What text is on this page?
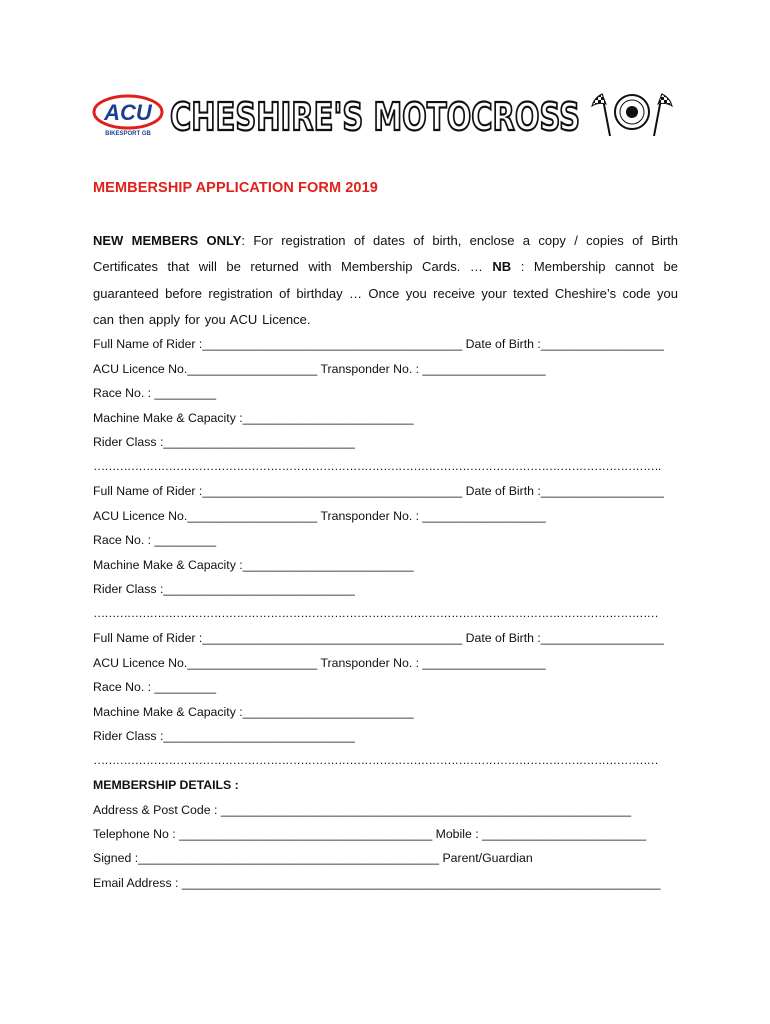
ACU
BIKESPORT GB CHESHIRE'S MOTOCROSS
MEMBERSHIP APPLICATION FORM 2019
NEW MEMBERS ONLY: For registration of dates of birth, enclose a copy / copies of Birth Certificates that will be returned with Membership Cards. … NB : Membership cannot be guaranteed before registration of birthday … Once you receive your texted Cheshire’s code you can then apply for you ACU Licence.
Full Name of Rider :______________________________________ Date of Birth :__________________
ACU Licence No.___________________ Transponder No. : __________________
Race No. : _________
Machine Make & Capacity :_________________________
Rider Class :____________________________
…………………………………………………………………………………………………………………………………….
Full Name of Rider :______________________________________ Date of Birth :__________________
ACU Licence No.___________________ Transponder No. : __________________
Race No. : _________
Machine Make & Capacity :_________________________
Rider Class :____________________________
……………………………………………………………………………………………………………………………………
Full Name of Rider :______________________________________ Date of Birth :__________________
ACU Licence No.___________________ Transponder No. : __________________
Race No. : _________
Machine Make & Capacity :_________________________
Rider Class :____________________________
……………………………………………………………………………………………………………………………………
MEMBERSHIP DETAILS :
Address & Post Code : ____________________________________________________________
Telephone No : _____________________________________ Mobile : ________________________
Signed :____________________________________________ Parent/Guardian
Email Address : ______________________________________________________________________
